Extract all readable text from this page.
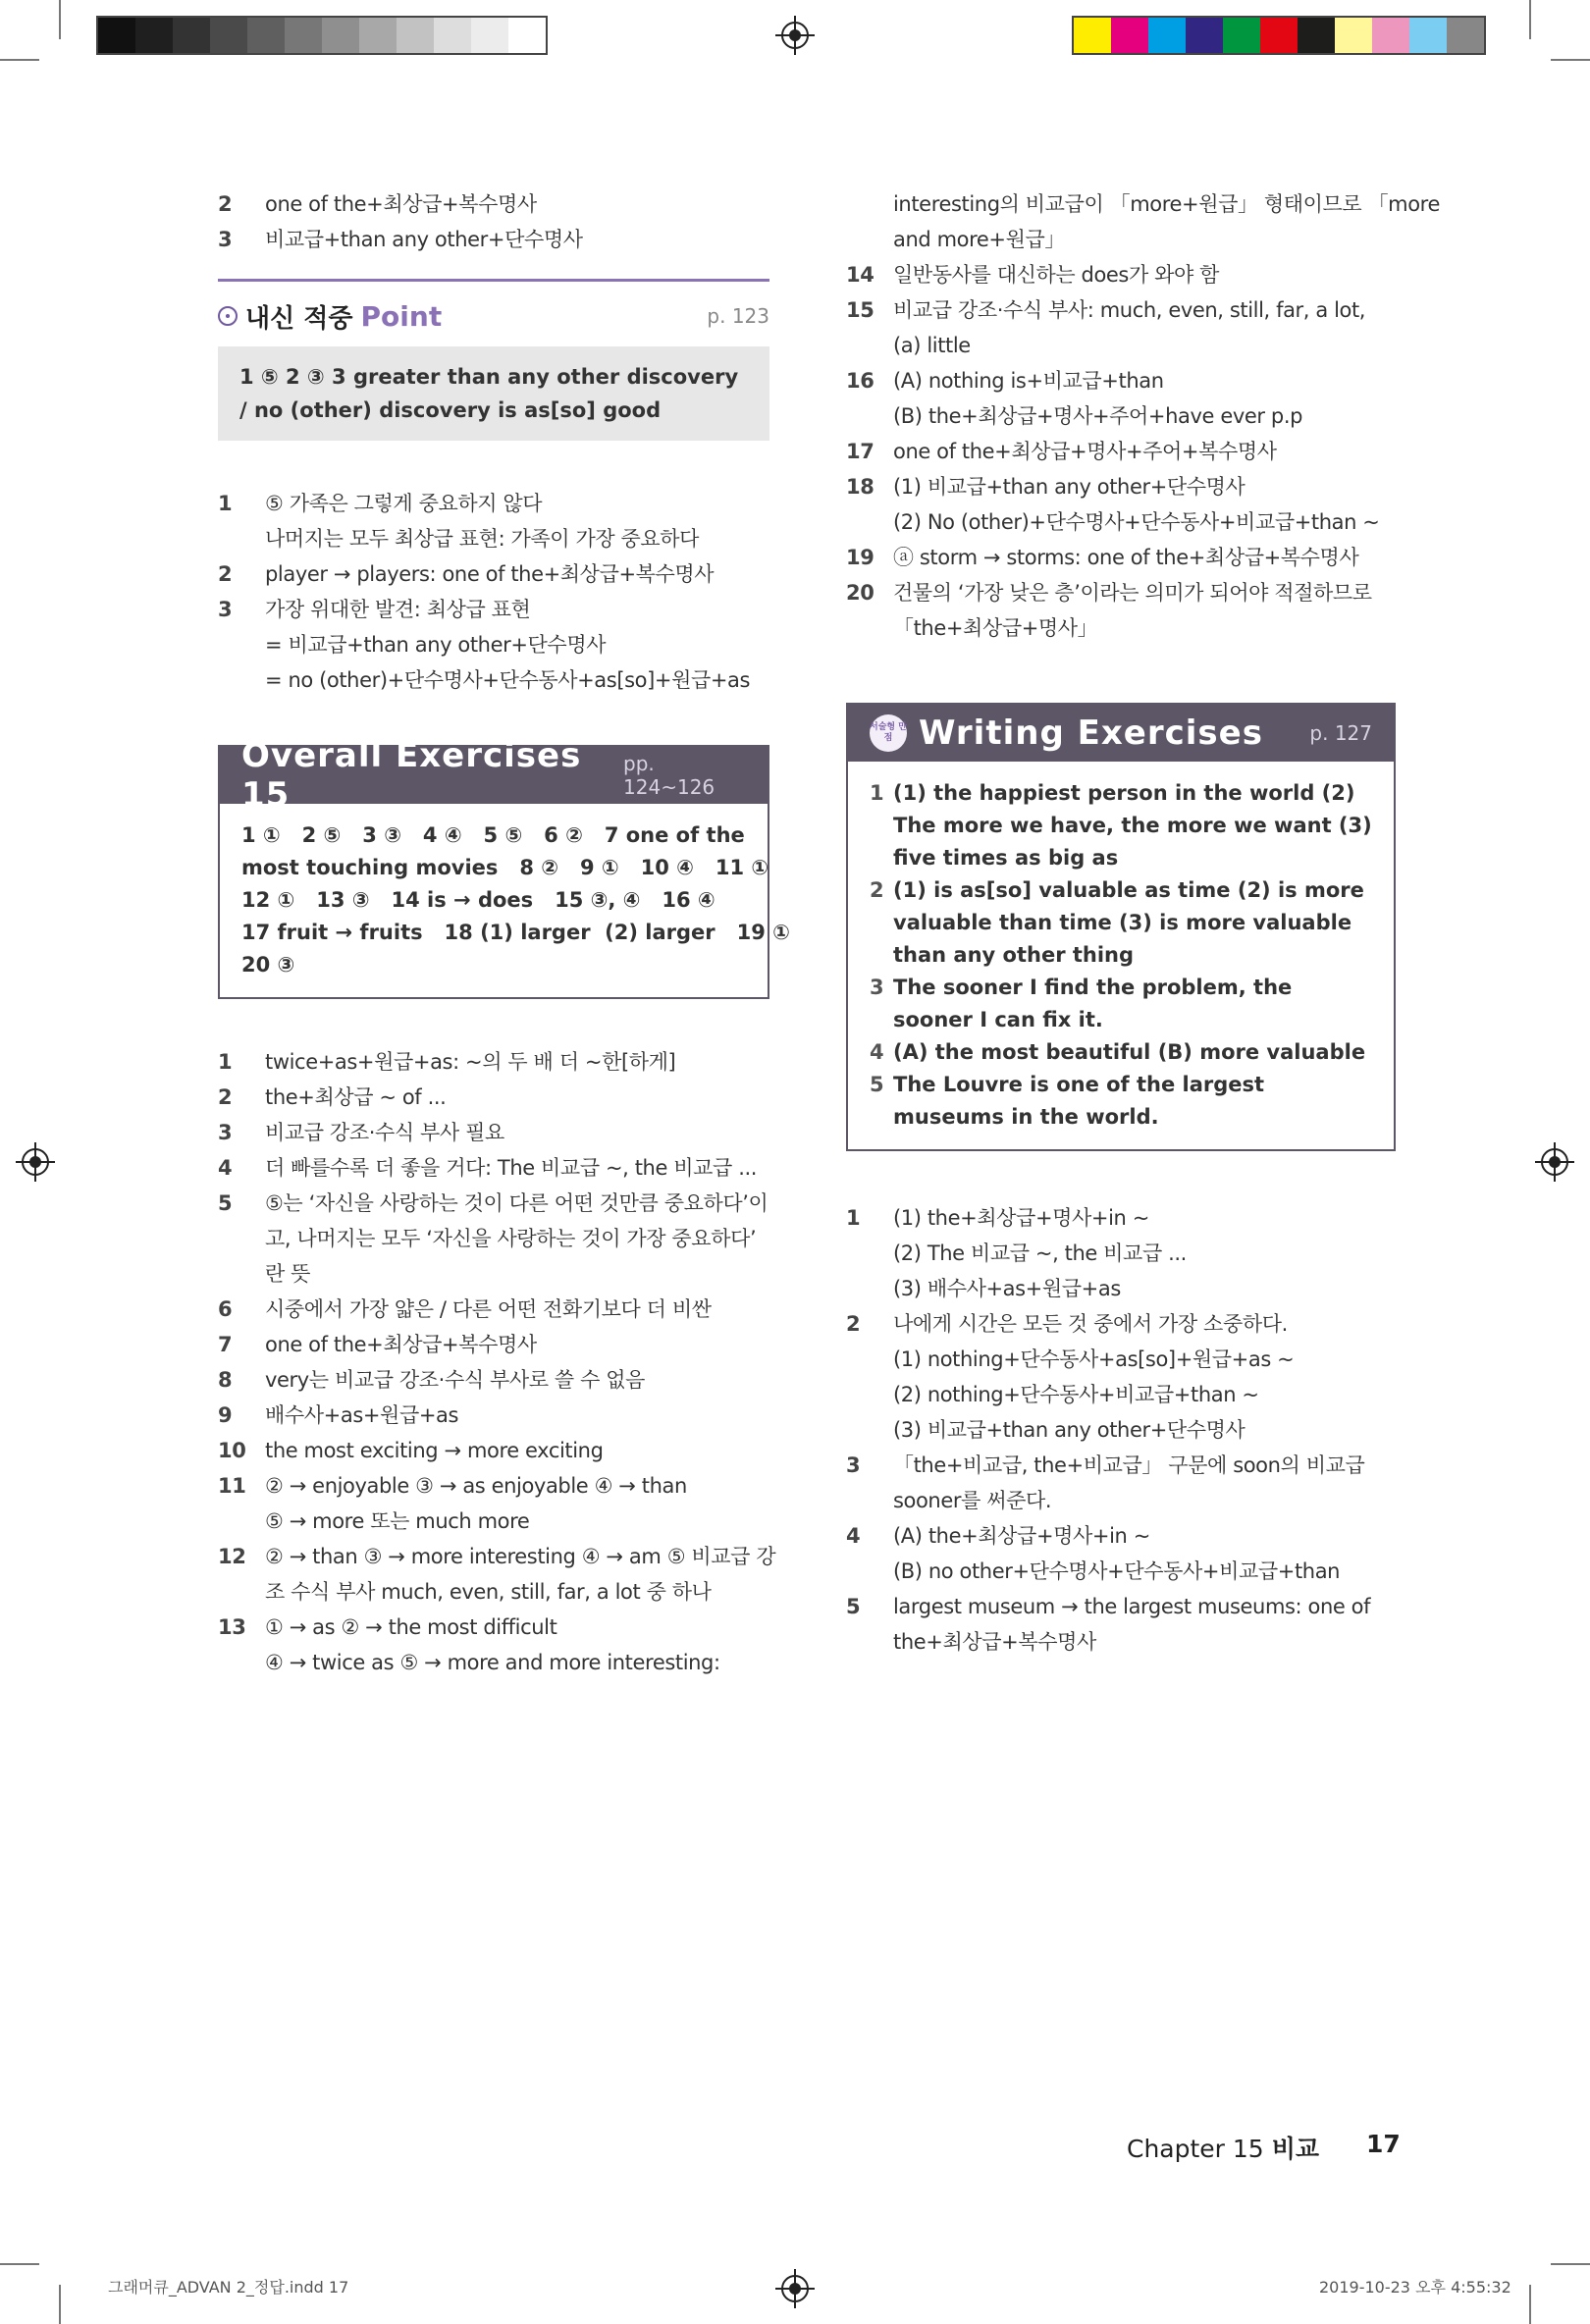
2	one of the+최상급+복수명사
3	비교급+than any other+단수명사
내신 적중 Point	p. 123
1 ⑤ 2 ③ 3 greater than any other discovery / no (other) discovery is as[so] good
1	⑤ 가족은 그렇게 중요하지 않다
나머지는 모두 최상급 표현: 가족이 가장 중요하다
2	player → players: one of the+최상급+복수명사
3	가장 위대한 발견: 최상급 표현
= 비교급+than any other+단수명사
= no (other)+단수명사+단수동사+as[so]+원급+as
Overall Exercises 15
pp. 124~126
1 ①   2 ⑤   3 ③   4 ④   5 ⑤   6 ②   7 one of the
most touching movies   8 ②   9 ①   10 ④   11 ①
12 ①   13 ③   14 is → does   15 ③, ④   16 ④
17 fruit → fruits   18 (1) larger  (2) larger   19 ①
20 ③
1	twice+as+원급+as: ~의 두 배 더 ~한[하게]
2	the+최상급 ~ of ...
3	비교급 강조·수식 부사 필요
4	더 빠를수록 더 좋을 거다: The 비교급 ~, the 비교급 ...
5	⑤는 ‘자신을 사랑하는 것이 다른 어떤 것만큼 중요하다’이
고, 나머지는 모두 ‘자신을 사랑하는 것이 가장 중요하다’
란 뜻
6	시중에서 가장 얇은 / 다른 어떤 전화기보다 더 비싼
7	one of the+최상급+복수명사
8	very는 비교급 강조·수식 부사로 쓸 수 없음
9	배수사+as+원급+as
10 the most exciting → more exciting
11 ② → enjoyable ③ → as enjoyable ④ → than
⑤ → more 또는 much more
12 ② → than ③ → more interesting ④ → am ⑤ 비교급 강
조 수식 부사 much, even, still, far, a lot 중 하나
13 ① → as ② → the most difficult
④ → twice as ⑤ → more and more interesting:
interesting의 비교급이 「more+원급」 형태이므로 「more
and more+원급」
14 일반동사를 대신하는 does가 와야 함
15 비교급 강조·수식 부사: much, even, still, far, a lot,
(a) little
16 (A) nothing is+비교급+than
(B) the+최상급+명사+주어+have ever p.p
17 one of the+최상급+명사+주어+복수명사
18 (1) 비교급+than any other+단수명사
(2) No (other)+단수명사+단수동사+비교급+than ~
19 ⓐ storm → storms: one of the+최상급+복수명사
20 건물의 ‘가장 낮은 층’이라는 의미가 되어야 적절하므로
「the+최상급+명사」
서술형 만점 Writing Exercises p. 127
1 (1) the happiest person in the world (2) The more we have, the more we want (3) five times as big as
2 (1) is as[so] valuable as time (2) is more valuable than time (3) is more valuable than any other thing
3 The sooner I find the problem, the sooner I can fix it.
4 (A) the most beautiful (B) more valuable
5 The Louvre is one of the largest museums in the world.
1	(1) the+최상급+명사+in ~
(2) The 비교급 ~, the 비교급 ...
(3) 배수사+as+원급+as
2	나에게 시간은 모든 것 중에서 가장 소중하다.
(1) nothing+단수동사+as[so]+원급+as ~
(2) nothing+단수동사+비교급+than ~
(3) 비교급+than any other+단수명사
3	「the+비교급, the+비교급」 구문에 soon의 비교급
sooner를 써준다.
4	(A) the+최상급+명사+in ~
(B) no other+단수명사+단수동사+비교급+than
5	largest museum → the largest museums: one of
the+최상급+복수명사
Chapter 15 비교 17
그래머큐_ADVAN 2_정답.indd 17	2019-10-23 오후 4:55:32
